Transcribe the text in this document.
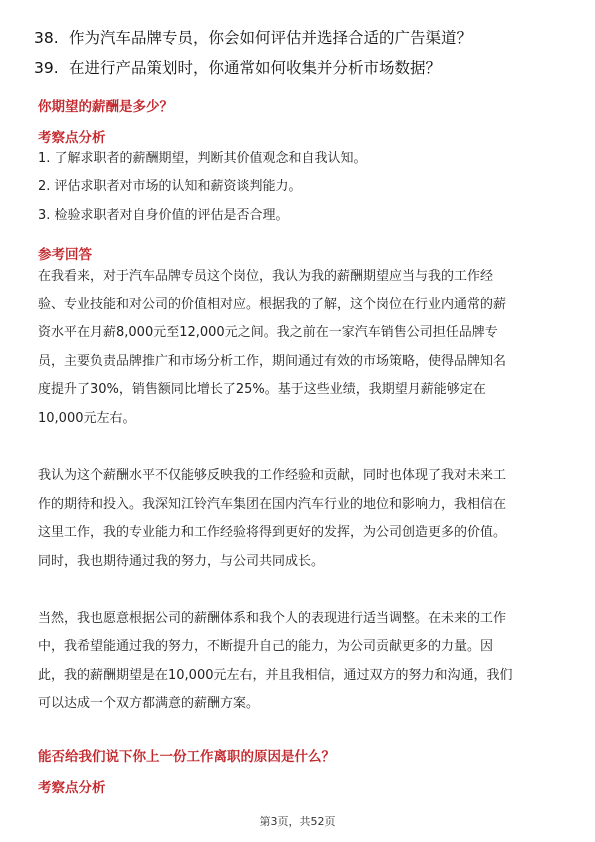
38. 作为汽车品牌专员，你会如何评估并选择合适的广告渠道？
39. 在进行产品策划时，你通常如何收集并分析市场数据？
你期望的薪酬是多少？
考察点分析
1. 了解求职者的薪酬期望，判断其价值观念和自我认知。
2. 评估求职者对市场的认知和薪资谈判能力。
3. 检验求职者对自身价值的评估是否合理。
参考回答
在我看来，对于汽车品牌专员这个岗位，我认为我的薪酬期望应当与我的工作经
验、专业技能和对公司的价值相对应。根据我的了解，这个岗位在行业内通常的薪
资水平在月薪8,000元至12,000元之间。我之前在一家汽车销售公司担任品牌专
员，主要负责品牌推广和市场分析工作，期间通过有效的市场策略，使得品牌知名
度提升了30%，销售额同比增长了25%。基于这些业绩，我期望月薪能够定在
10,000元左右。
我认为这个薪酬水平不仅能够反映我的工作经验和贡献，同时也体现了我对未来工
作的期待和投入。我深知江铃汽车集团在国内汽车行业的地位和影响力，我相信在
这里工作，我的专业能力和工作经验将得到更好的发挥，为公司创造更多的价值。
同时，我也期待通过我的努力，与公司共同成长。
当然，我也愿意根据公司的薪酬体系和我个人的表现进行适当调整。在未来的工作
中，我希望能通过我的努力，不断提升自己的能力，为公司贡献更多的力量。因
此，我的薪酬期望是在10,000元左右，并且我相信，通过双方的努力和沟通，我们
可以达成一个双方都满意的薪酬方案。
能否给我们说下你上一份工作离职的原因是什么？
考察点分析
第3页，共52页
